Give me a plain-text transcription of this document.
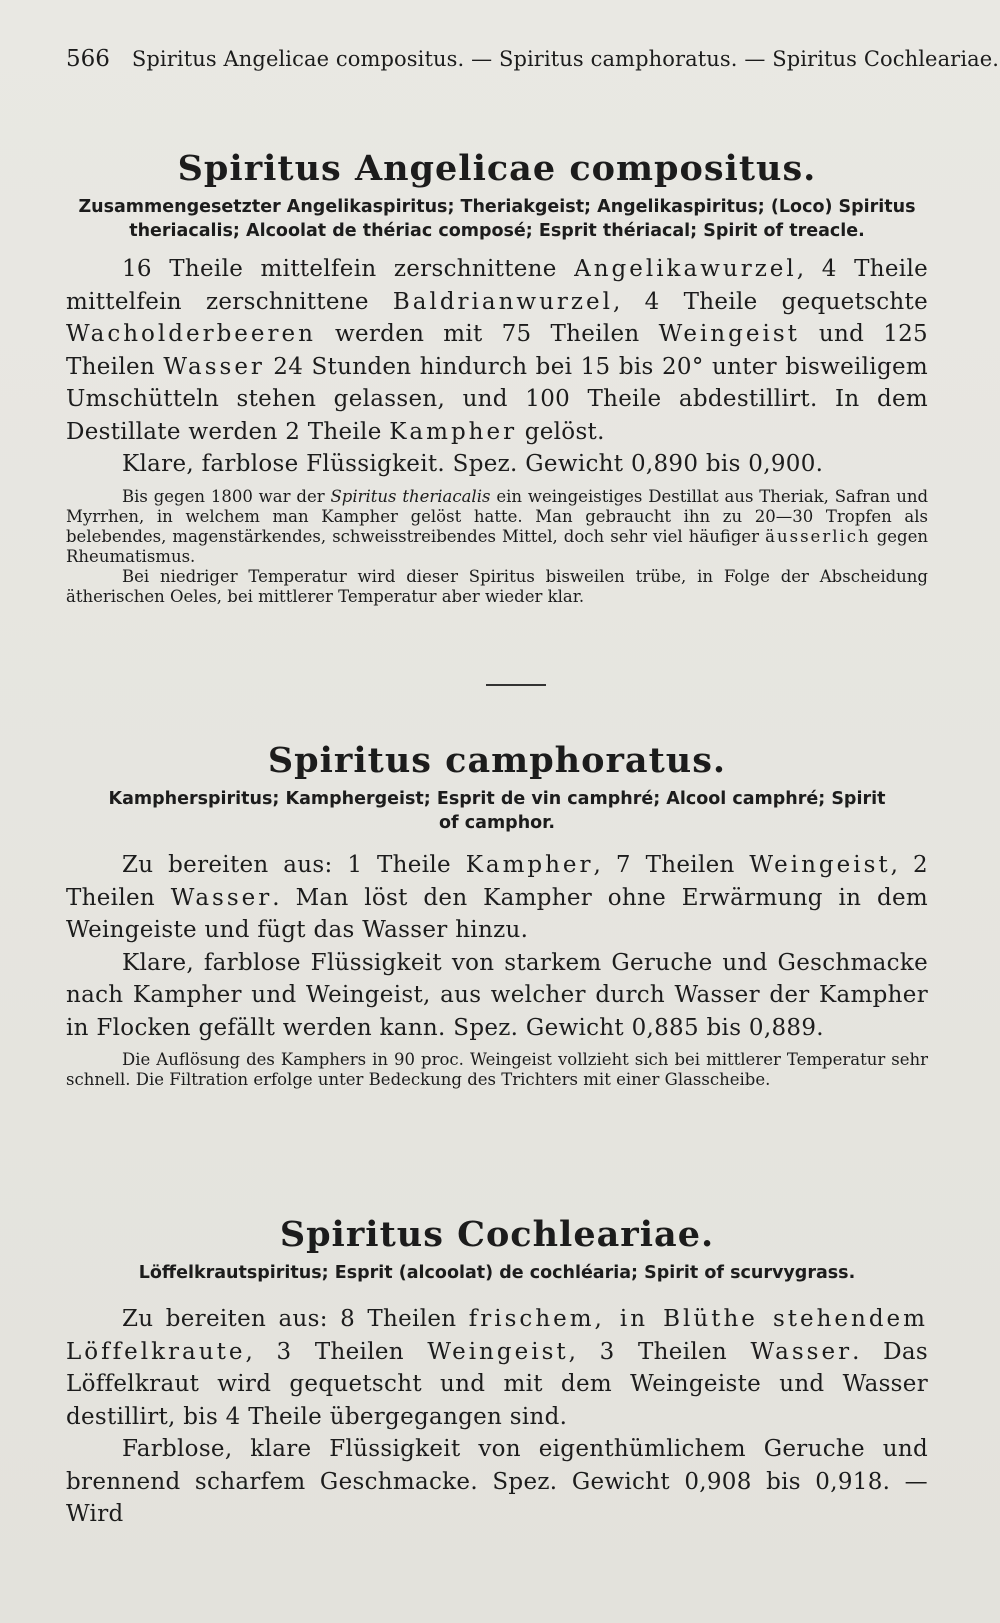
566 Spiritus Angelicae compositus. — Spiritus camphoratus. — Spiritus Cochleariae.
Spiritus Angelicae compositus.

Zusammengesetzter Angelikaspiritus; Theriakgeist; Angelikaspiritus; (Loco) Spiritus theriacalis; Alcoolat de thériac composé; Esprit thériacal; Spirit of treacle.

16 Theile mittelfein zerschnittene Angelikawurzel, 4 Theile mittelfein zerschnittene Baldrianwurzel, 4 Theile gequetschte Wacholderbeeren werden mit 75 Theilen Weingeist und 125 Theilen Wasser 24 Stunden hindurch bei 15 bis 20° unter bisweiligem Umschütteln stehen gelassen, und 100 Theile abdestillirt. In dem Destillate werden 2 Theile Kampher gelöst.

Klare, farblose Flüssigkeit. Spez. Gewicht 0,890 bis 0,900.

Bis gegen 1800 war der Spiritus theriacalis ein weingeistiges Destillat aus Theriak, Safran und Myrrhen, in welchem man Kampher gelöst hatte. Man gebraucht ihn zu 20—30 Tropfen als belebendes, magenstärkendes, schweisstreibendes Mittel, doch sehr viel häufiger äusserlich gegen Rheumatismus.

Bei niedriger Temperatur wird dieser Spiritus bisweilen trübe, in Folge der Abscheidung ätherischen Oeles, bei mittlerer Temperatur aber wieder klar.

Spiritus camphoratus.

Kampherspiritus; Kamphergeist; Esprit de vin camphré; Alcool camphré; Spirit of camphor.

Zu bereiten aus: 1 Theile Kampher, 7 Theilen Weingeist, 2 Theilen Wasser. Man löst den Kampher ohne Erwärmung in dem Weingeiste und fügt das Wasser hinzu.

Klare, farblose Flüssigkeit von starkem Geruche und Geschmacke nach Kampher und Weingeist, aus welcher durch Wasser der Kampher in Flocken gefällt werden kann. Spez. Gewicht 0,885 bis 0,889.

Die Auflösung des Kamphers in 90 proc. Weingeist vollzieht sich bei mittlerer Temperatur sehr schnell. Die Filtration erfolge unter Bedeckung des Trichters mit einer Glasscheibe.

Spiritus Cochleariae.

Löffelkrautspiritus; Esprit (alcoolat) de cochléaria; Spirit of scurvygrass.

Zu bereiten aus: 8 Theilen frischem, in Blüthe stehendem Löffelkraute, 3 Theilen Weingeist, 3 Theilen Wasser. Das Löffelkraut wird gequetscht und mit dem Weingeiste und Wasser destillirt, bis 4 Theile übergegangen sind.

Farblose, klare Flüssigkeit von eigenthümlichem Geruche und brennend scharfem Geschmacke. Spez. Gewicht 0,908 bis 0,918. — Wird
